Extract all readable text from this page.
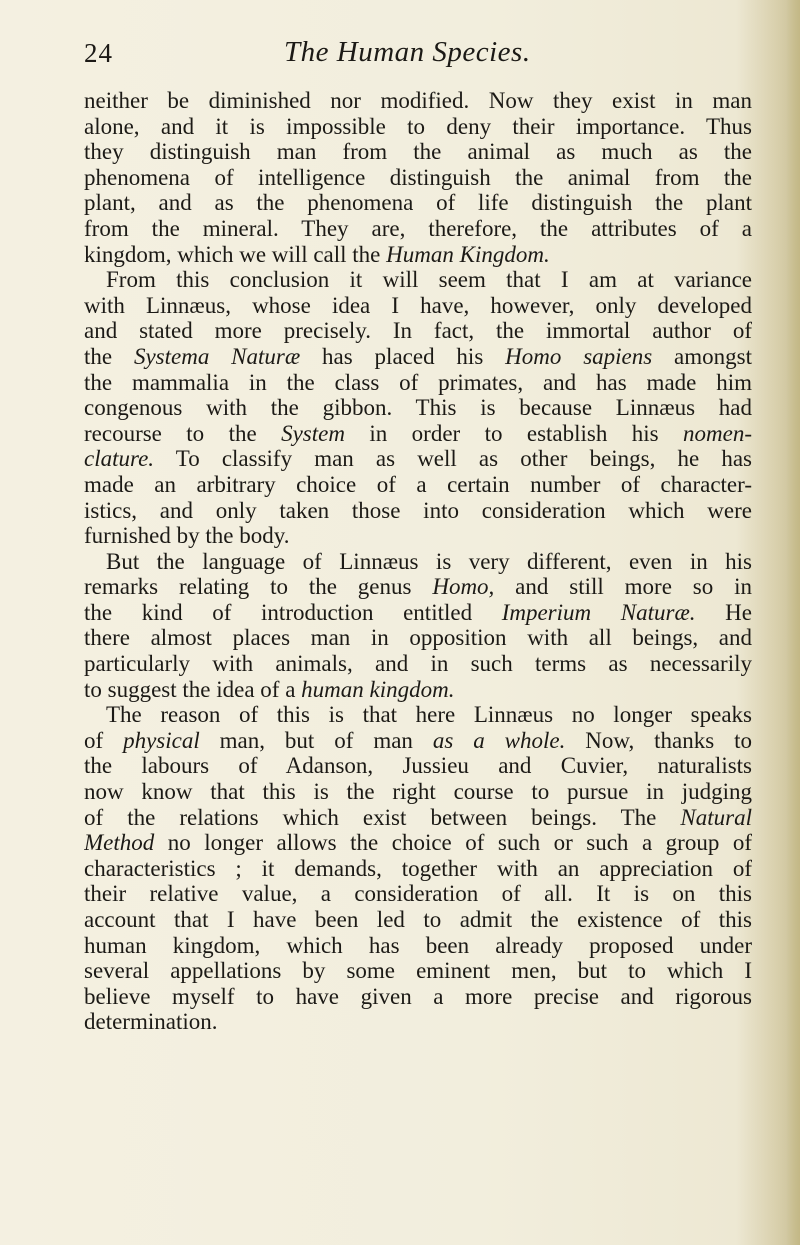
24	The Human Species.
neither be diminished nor modified. Now they exist in man
alone, and it is impossible to deny their importance. Thus
they distinguish man from the animal as much as the
phenomena of intelligence distinguish the animal from the
plant, and as the phenomena of life distinguish the plant
from the mineral. They are, therefore, the attributes of a
kingdom, which we will call the Human Kingdom.
From this conclusion it will seem that I am at variance
with Linnæus, whose idea I have, however, only developed
and stated more precisely. In fact, the immortal author of
the Systema Naturæ has placed his Homo sapiens amongst
the mammalia in the class of primates, and has made him
congenous with the gibbon. This is because Linnæus had
recourse to the System in order to establish his nomen-
clature. To classify man as well as other beings, he has
made an arbitrary choice of a certain number of character-
istics, and only taken those into consideration which were
furnished by the body.
But the language of Linnæus is very different, even in his
remarks relating to the genus Homo, and still more so in
the kind of introduction entitled Imperium Naturæ. He
there almost places man in opposition with all beings, and
particularly with animals, and in such terms as necessarily
to suggest the idea of a human kingdom.
The reason of this is that here Linnæus no longer speaks
of physical man, but of man as a whole. Now, thanks to
the labours of Adanson, Jussieu and Cuvier, naturalists
now know that this is the right course to pursue in judging
of the relations which exist between beings. The Natural
Method no longer allows the choice of such or such a group of
characteristics ; it demands, together with an appreciation of
their relative value, a consideration of all. It is on this
account that I have been led to admit the existence of this
human kingdom, which has been already proposed under
several appellations by some eminent men, but to which I
believe myself to have given a more precise and rigorous
determination.
